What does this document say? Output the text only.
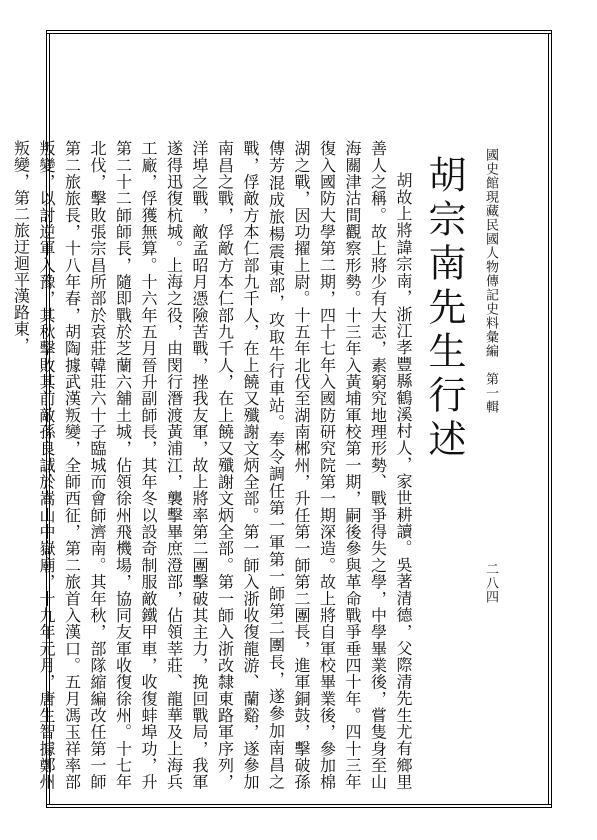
國史館現藏民國人物傳記史料彙編　第一輯
二八四
胡宗南先生行述

胡故上將諱宗南，浙江孝豐縣鶴溪村人，家世耕讀。吳著清德，父際清先生尤有鄉里善人之稱。故上將少有大志，素窮究地理形勢、戰爭得失之學，中學畢業後，嘗隻身至山海關津沽間觀察形勢。十三年入黃埔軍校第一期，嗣後參與革命戰爭垂四十年。四十三年復入國防大學第二期，四十七年入國防研究院第一期深造。故上將自軍校畢業後，參加棉湖之戰，因功擢上尉。十五年北伐至湖南郴州，升任第一師第二團長，進軍銅鼓，擊破孫傳芳混成旅楊震東部，攻取牛行車站。奉令調任第一軍第一師第二團長，遂參加南昌之戰，俘敵方本仁部九千人，在上饒又殲謝文炳全部。第一師入浙收復龍游、蘭谿，遂參加南昌之戰，俘敵方本仁部九千人，在上饒又殲謝文炳全部。第一師入浙改隸東路軍序列，洋埠之戰，敵孟昭月憑險苦戰，挫我友軍，故上將率第二團擊破其主力，挽回戰局，我軍遂得迅復杭城。上海之役，由閔行潛渡黃浦江，襲擊畢庶澄部，佔領莘莊、龍華及上海兵工廠，俘獲無算。十六年五月晉升副師長，其年冬以設奇制服敵鐵甲車，收復蚌埠功，升第二十二師師長，隨即戰於芝蘭六舖土城，佔領徐州飛機場，協同友軍收復徐州。十七年北伐，擊敗張宗昌所部於袁莊韓莊六十子臨城而會師濟南。其年秋，部隊縮編改任第一師第二旅旅長，十八年春，胡陶據武漢叛變，全師西征，第二旅首入漢口。五月馮玉祥率部叛變，以討逆軍入豫，其秋擊敗其前敵孫良誠於嵩山中嶽廟，十九年元月，唐生智據鄭州叛變，第二旅迂迴平漢路東，
